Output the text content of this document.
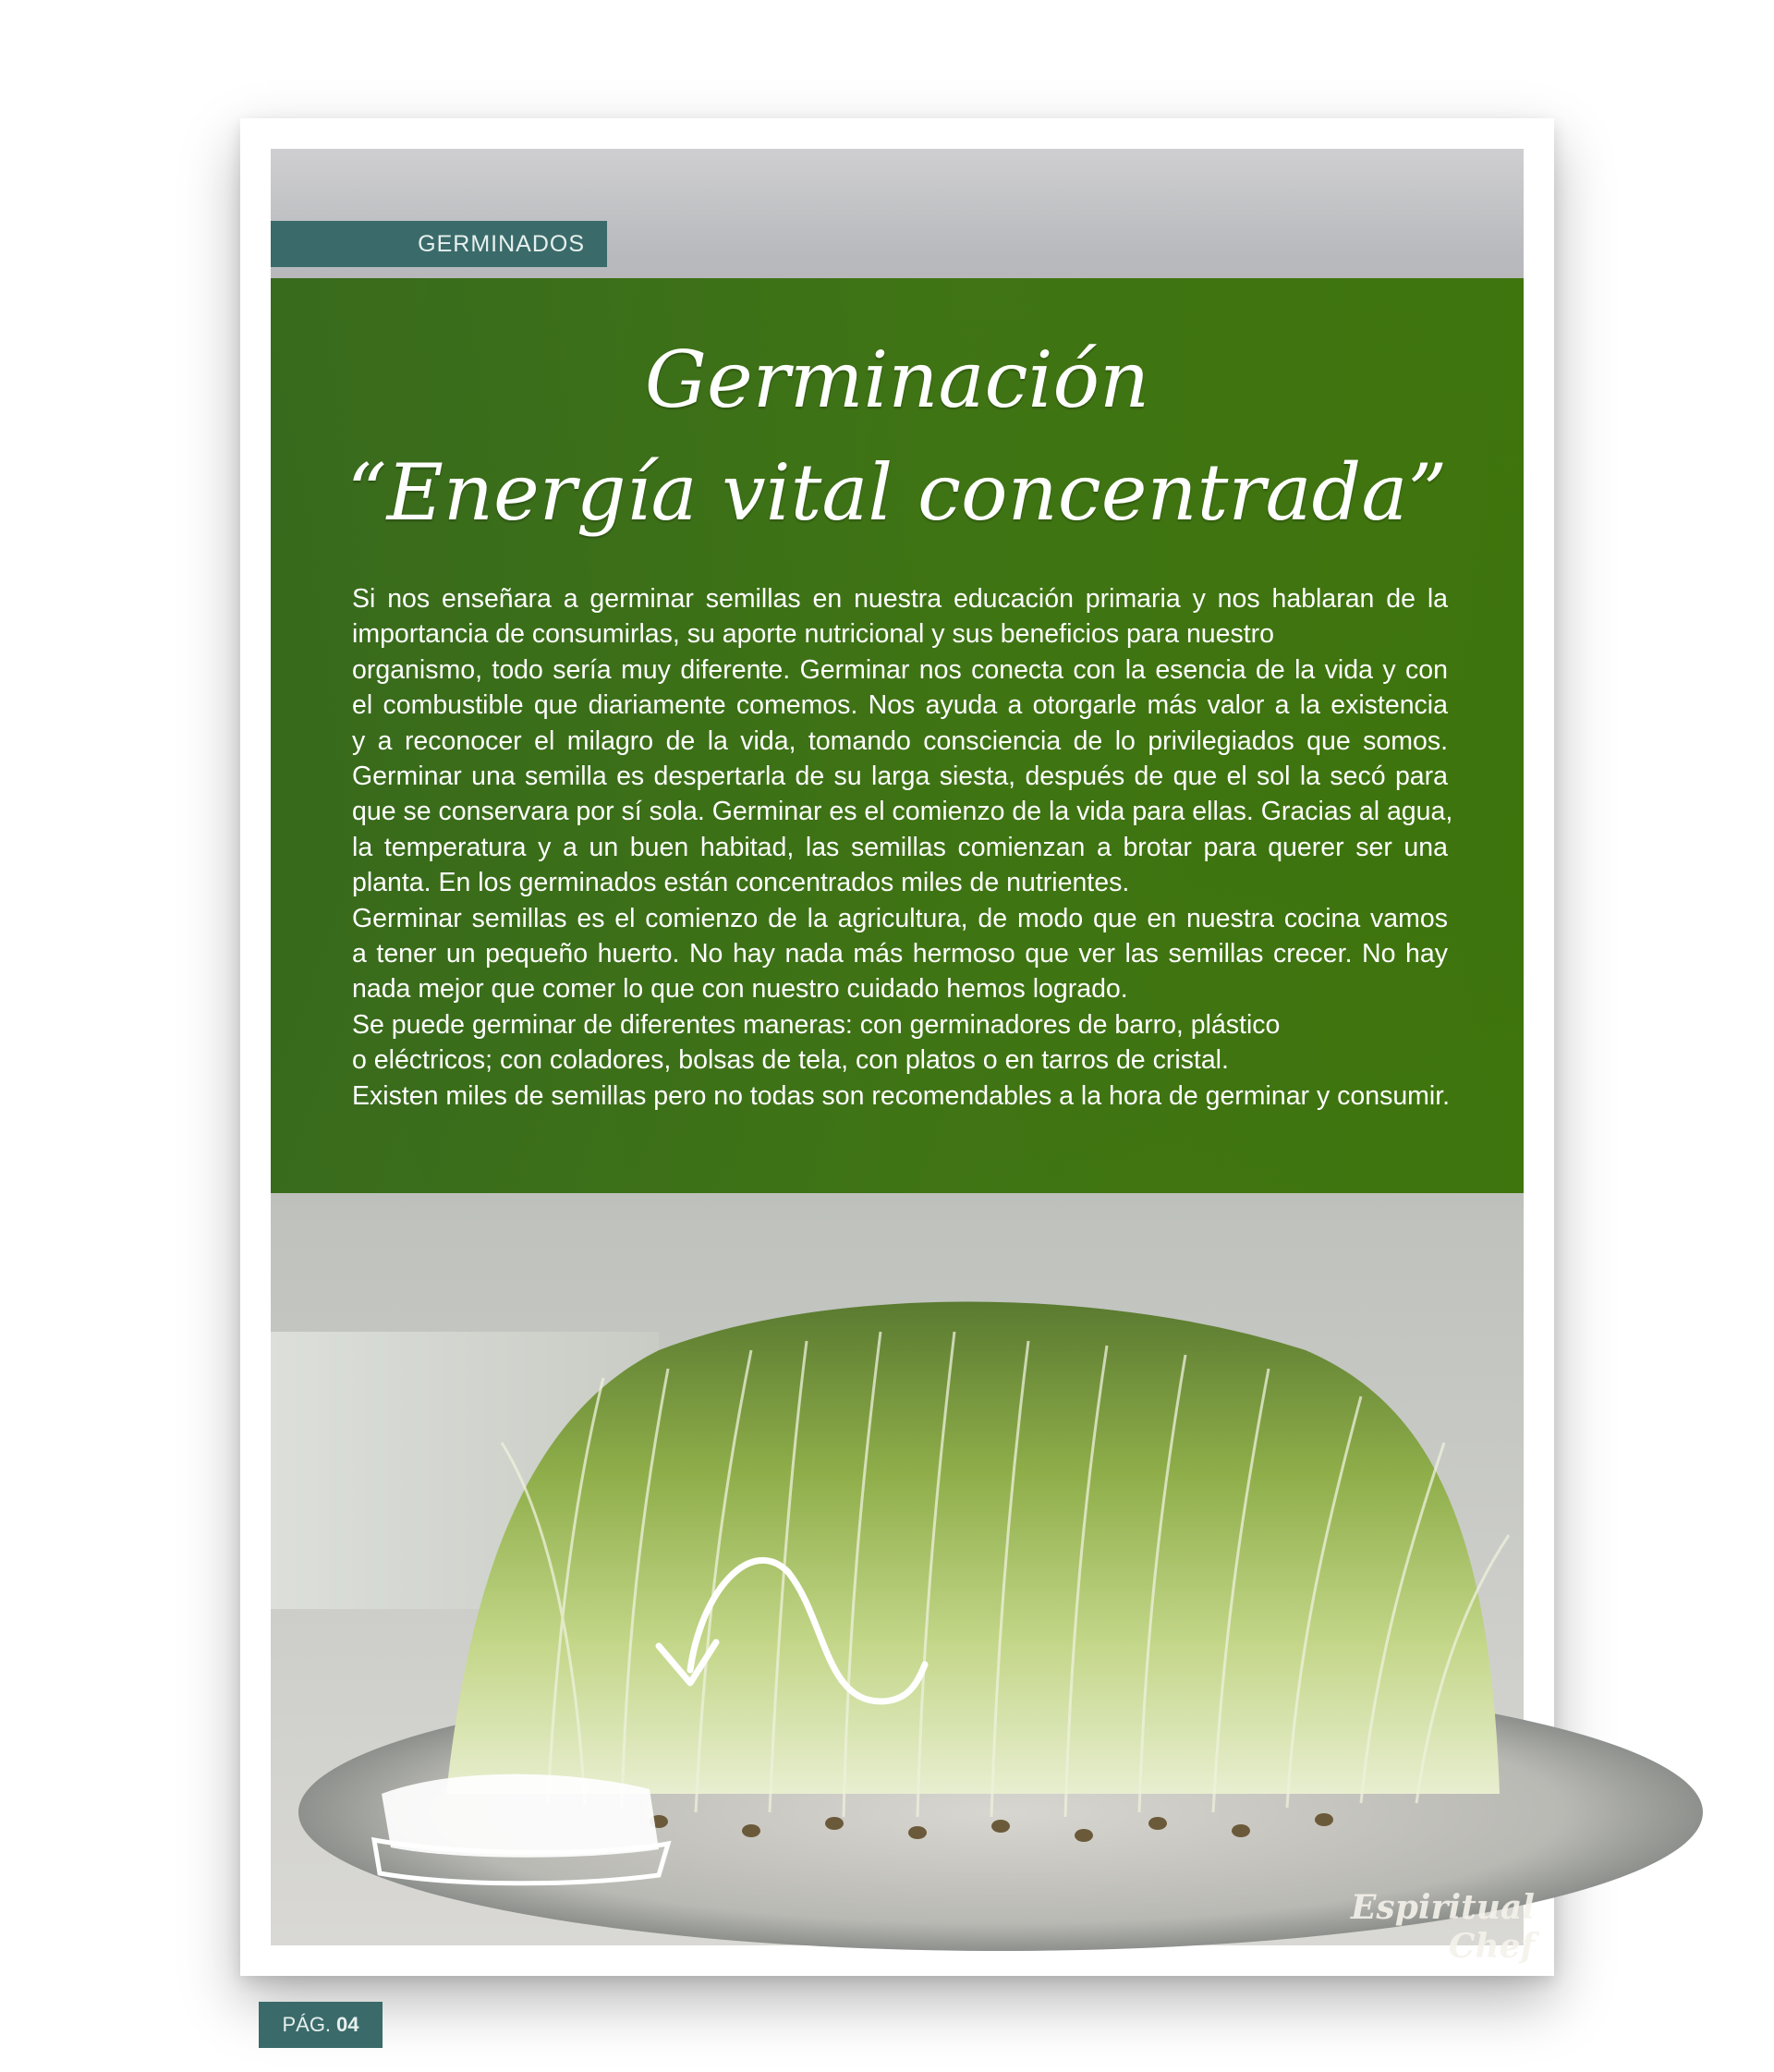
GERMINADOS
Germinación
“Energía vital concentrada”
Si nos enseñara a germinar semillas en nuestra educación primaria y nos hablaran de la
importancia de consumirlas, su aporte nutricional y sus beneficios para nuestro
organismo, todo sería muy diferente. Germinar nos conecta con la esencia de la vida y con
el combustible que diariamente comemos. Nos ayuda a otorgarle más valor a la existencia
y a reconocer el milagro de la vida, tomando consciencia de lo privilegiados que somos.
Germinar una semilla es despertarla de su larga siesta, después de que el sol la secó para
que se conservara por sí sola. Germinar es el comienzo de la vida para ellas. Gracias al agua,
la temperatura y a un buen habitad, las semillas comienzan a brotar para querer ser una
planta. En los germinados están concentrados miles de nutrientes.
Germinar semillas es el comienzo de la agricultura, de modo que en nuestra cocina vamos
a tener un pequeño huerto. No hay nada más hermoso que ver las semillas crecer. No hay
nada mejor que comer lo que con nuestro cuidado hemos logrado.
Se puede germinar de diferentes maneras: con germinadores de barro, plástico
o eléctricos; con coladores, bolsas de tela, con platos o en tarros de cristal.
Existen miles de semillas pero no todas son recomendables a la hora de germinar y consumir.
Espiritual Chef
PÁG. 04
